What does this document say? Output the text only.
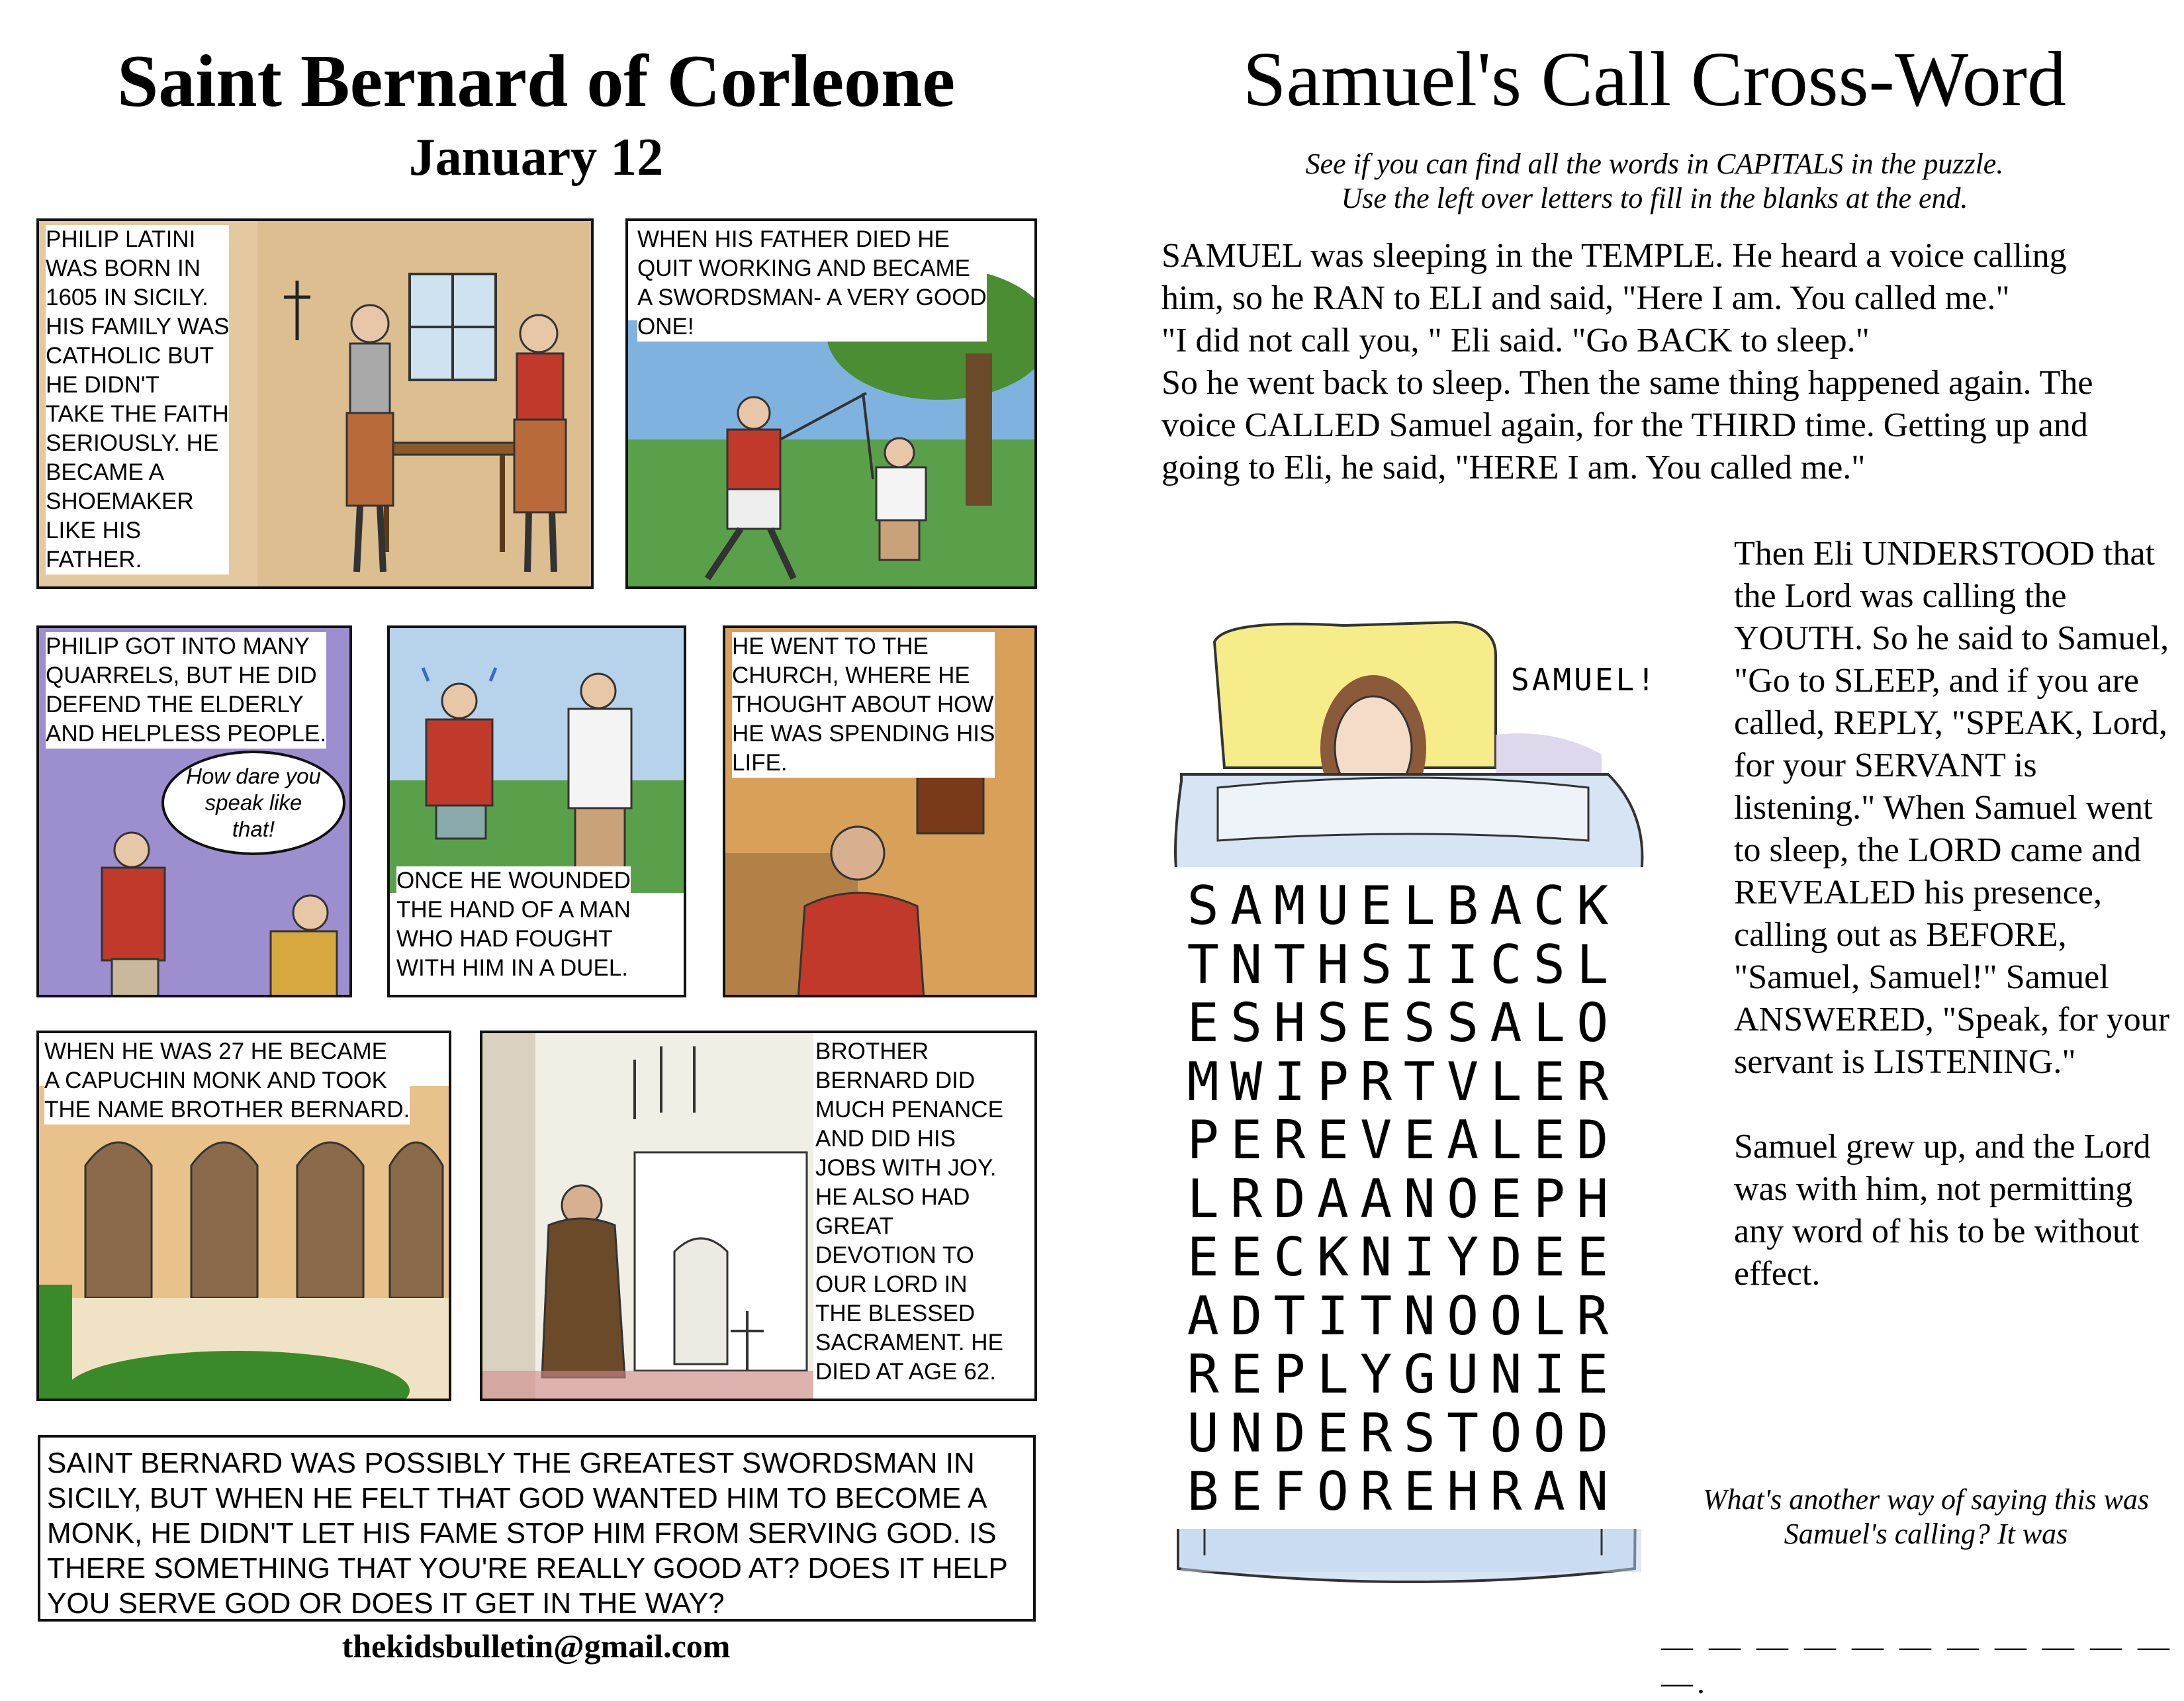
Saint Bernard of Corleone
January 12
PHILIP LATINI
WAS BORN IN
1605 IN SICILY.
HIS FAMILY WAS
CATHOLIC BUT
HE DIDN'T
TAKE THE FAITH
SERIOUSLY. HE
BECAME A
SHOEMAKER
LIKE HIS
FATHER.
WHEN HIS FATHER DIED HE
QUIT WORKING AND BECAME
A SWORDSMAN- A VERY GOOD
ONE!
PHILIP GOT INTO MANY
QUARRELS, BUT HE DID
DEFEND THE ELDERLY
AND HELPLESS PEOPLE.
How dare you
speak like
that!
ONCE HE WOUNDED
THE HAND OF A MAN
WHO HAD FOUGHT
WITH HIM IN A DUEL.
HE WENT TO THE
CHURCH, WHERE HE
THOUGHT ABOUT HOW
HE WAS SPENDING HIS
LIFE.
WHEN HE WAS 27 HE BECAME
A CAPUCHIN MONK AND TOOK
THE NAME BROTHER BERNARD.
BROTHER
BERNARD DID
MUCH PENANCE
AND DID HIS
JOBS WITH JOY.
HE ALSO HAD
GREAT
DEVOTION TO
OUR LORD IN
THE BLESSED
SACRAMENT. HE
DIED AT AGE 62.
SAINT BERNARD WAS POSSIBLY THE GREATEST SWORDSMAN IN SICILY, BUT WHEN HE FELT THAT GOD WANTED HIM TO BECOME A MONK, HE DIDN'T LET HIS FAME STOP HIM FROM SERVING GOD. IS THERE SOMETHING THAT YOU'RE REALLY GOOD AT? DOES IT HELP YOU SERVE GOD OR DOES IT GET IN THE WAY?
thekidsbulletin@gmail.com
Samuel's Call Cross-Word
See if you can find all the words in CAPITALS in the puzzle.
Use the left over letters to fill in the blanks at the end.
SAMUEL was sleeping in the TEMPLE. He heard a voice calling him, so he RAN to ELI and said, "Here I am. You called me."
"I did not call you, " Eli said. "Go BACK to sleep."
So he went back to sleep. Then the same thing happened again. The voice CALLED Samuel again, for the THIRD time. Getting up and going to Eli, he said, "HERE I am. You called me."
SAMUEL!
S A M U E L B A C K
T N T H S I I C S L
E S H S E S S A L O
M W I P R T V L E R
P E R E V E A L E D
L R D A A N O E P H
E E C K N I Y D E E
A D T I T N O O L R
R E P L Y G U N I E
U N D E R S T O O D
B E F O R E H R A N
Then Eli UNDERSTOOD that the Lord was calling the YOUTH. So he said to Samuel, "Go to SLEEP, and if you are called, REPLY, "SPEAK, Lord, for your SERVANT is listening." When Samuel went to sleep, the LORD came and REVEALED his presence, calling out as BEFORE, "Samuel, Samuel!" Samuel ANSWERED, "Speak, for your servant is LISTENING."

Samuel grew up, and the Lord was with him, not permitting any word of his to be without effect.
What's another way of saying this was Samuel's calling? It was
— — — — — — — — — — — —.
